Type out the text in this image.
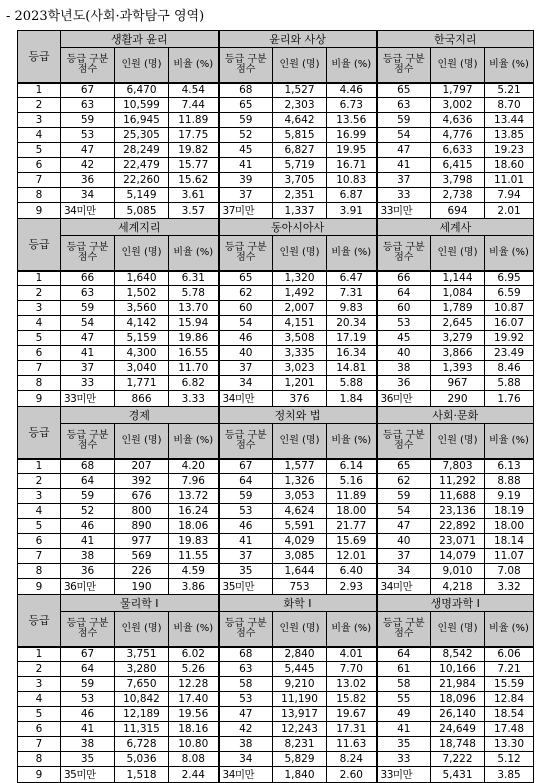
- 2023학년도(사회·과학탐구 영역)
등급	생활과 윤리			윤리와 사상			한국지리		
	등급 구분 점수	인원 (명)	비율 (%)	등급 구분 점수	인원 (명)	비율 (%)	등급 구분 점수	인원 (명)	비율 (%)
1	67	6,470	4.54	68	1,527	4.46	65	1,797	5.21
2	63	10,599	7.44	65	2,303	6.73	63	3,002	8.70
3	59	16,945	11.89	59	4,642	13.56	59	4,636	13.44
4	53	25,305	17.75	52	5,815	16.99	54	4,776	13.85
5	47	28,249	19.82	45	6,827	19.95	47	6,633	19.23
6	42	22,479	15.77	41	5,719	16.71	41	6,415	18.60
7	36	22,260	15.62	39	3,705	10.83	37	3,798	11.01
8	34	5,149	3.61	37	2,351	6.87	33	2,738	7.94
9	34미만	5,085	3.57	37미만	1,337	3.91	33미만	694	2.01
등급	세계지리			동아시아사			세계사		
	등급 구분 점수	인원 (명)	비율 (%)	등급 구분 점수	인원 (명)	비율 (%)	등급 구분 점수	인원 (명)	비율 (%)
1	66	1,640	6.31	65	1,320	6.47	66	1,144	6.95
2	63	1,502	5.78	62	1,492	7.31	64	1,084	6.59
3	59	3,560	13.70	60	2,007	9.83	60	1,789	10.87
4	54	4,142	15.94	54	4,151	20.34	53	2,645	16.07
5	47	5,159	19.86	46	3,508	17.19	45	3,279	19.92
6	41	4,300	16.55	40	3,335	16.34	40	3,866	23.49
7	37	3,040	11.70	37	3,023	14.81	38	1,393	8.46
8	33	1,771	6.82	34	1,201	5.88	36	967	5.88
9	33미만	866	3.33	34미만	376	1.84	36미만	290	1.76
등급	경제			정치와 법			사회·문화		
	등급 구분 점수	인원 (명)	비율 (%)	등급 구분 점수	인원 (명)	비율 (%)	등급 구분 점수	인원 (명)	비율 (%)
1	68	207	4.20	67	1,577	6.14	65	7,803	6.13
2	64	392	7.96	64	1,326	5.16	62	11,292	8.88
3	59	676	13.72	59	3,053	11.89	59	11,688	9.19
4	52	800	16.24	53	4,624	18.00	54	23,136	18.19
5	46	890	18.06	46	5,591	21.77	47	22,892	18.00
6	41	977	19.83	41	4,029	15.69	40	23,071	18.14
7	38	569	11.55	37	3,085	12.01	37	14,079	11.07
8	36	226	4.59	35	1,644	6.40	34	9,010	7.08
9	36미만	190	3.86	35미만	753	2.93	34미만	4,218	3.32
등급	물리학 Ⅰ			화학 Ⅰ			생명과학 Ⅰ		
	등급 구분 점수	인원 (명)	비율 (%)	등급 구분 점수	인원 (명)	비율 (%)	등급 구분 점수	인원 (명)	비율 (%)
1	67	3,751	6.02	68	2,840	4.01	64	8,542	6.06
2	64	3,280	5.26	63	5,445	7.70	61	10,166	7.21
3	59	7,650	12.28	58	9,210	13.02	58	21,984	15.59
4	53	10,842	17.40	53	11,190	15.82	55	18,096	12.84
5	46	12,189	19.56	47	13,917	19.67	49	26,140	18.54
6	41	11,315	18.16	42	12,243	17.31	41	24,649	17.48
7	38	6,728	10.80	38	8,231	11.63	35	18,748	13.30
8	35	5,036	8.08	34	5,829	8.24	33	7,222	5.12
9	35미만	1,518	2.44	34미만	1,840	2.60	33미만	5,431	3.85
